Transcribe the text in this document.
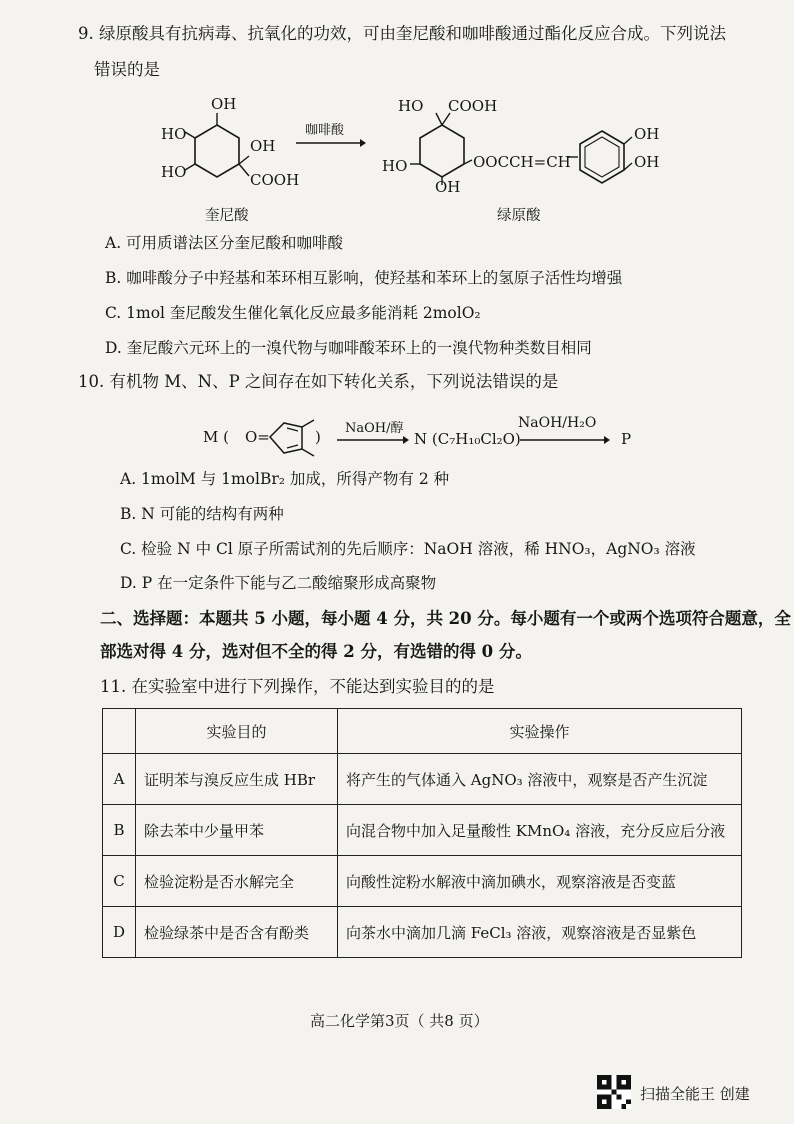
9. 绿原酸具有抗病毒、抗氧化的功效，可由奎尼酸和咖啡酸通过酯化反应合成。下列说法
错误的是
OH
HO
OH
HO	COOH
奎尼酸
咖啡酸
HO COOH
HO	OOCCH=CH
OH
OH
OH
绿原酸
A. 可用质谱法区分奎尼酸和咖啡酸
B. 咖啡酸分子中羟基和苯环相互影响，使羟基和苯环上的氢原子活性均增强
C. 1mol 奎尼酸发生催化氧化反应最多能消耗 2molO₂
D. 奎尼酸六元环上的一溴代物与咖啡酸苯环上的一溴代物种类数目相同
10. 有机物 M、N、P 之间存在如下转化关系，下列说法错误的是
M ( O=	) NaOH/醇
N (C₇H₁₀Cl₂O)
NaOH/H₂O
P
A. 1molM 与 1molBr₂ 加成，所得产物有 2 种
B. N 可能的结构有两种
C. 检验 N 中 Cl 原子所需试剂的先后顺序：NaOH 溶液，稀 HNO₃，AgNO₃ 溶液
D. P 在一定条件下能与乙二酸缩聚形成高聚物
二、选择题：本题共 5 小题，每小题 4 分，共 20 分。每小题有一个或两个选项符合题意，全
部选对得 4 分，选对但不全的得 2 分，有选错的得 0 分。
11. 在实验室中进行下列操作，不能达到实验目的的是
	实验目的	实验操作
A	证明苯与溴反应生成 HBr	将产生的气体通入 AgNO₃ 溶液中，观察是否产生沉淀
B	除去苯中少量甲苯	向混合物中加入足量酸性 KMnO₄ 溶液，充分反应后分液
C	检验淀粉是否水解完全	向酸性淀粉水解液中滴加碘水，观察溶液是否变蓝
D	检验绿茶中是否含有酚类	向茶水中滴加几滴 FeCl₃ 溶液，观察溶液是否显紫色
高二化学第3页（ 共8 页）
扫描全能王 创建
